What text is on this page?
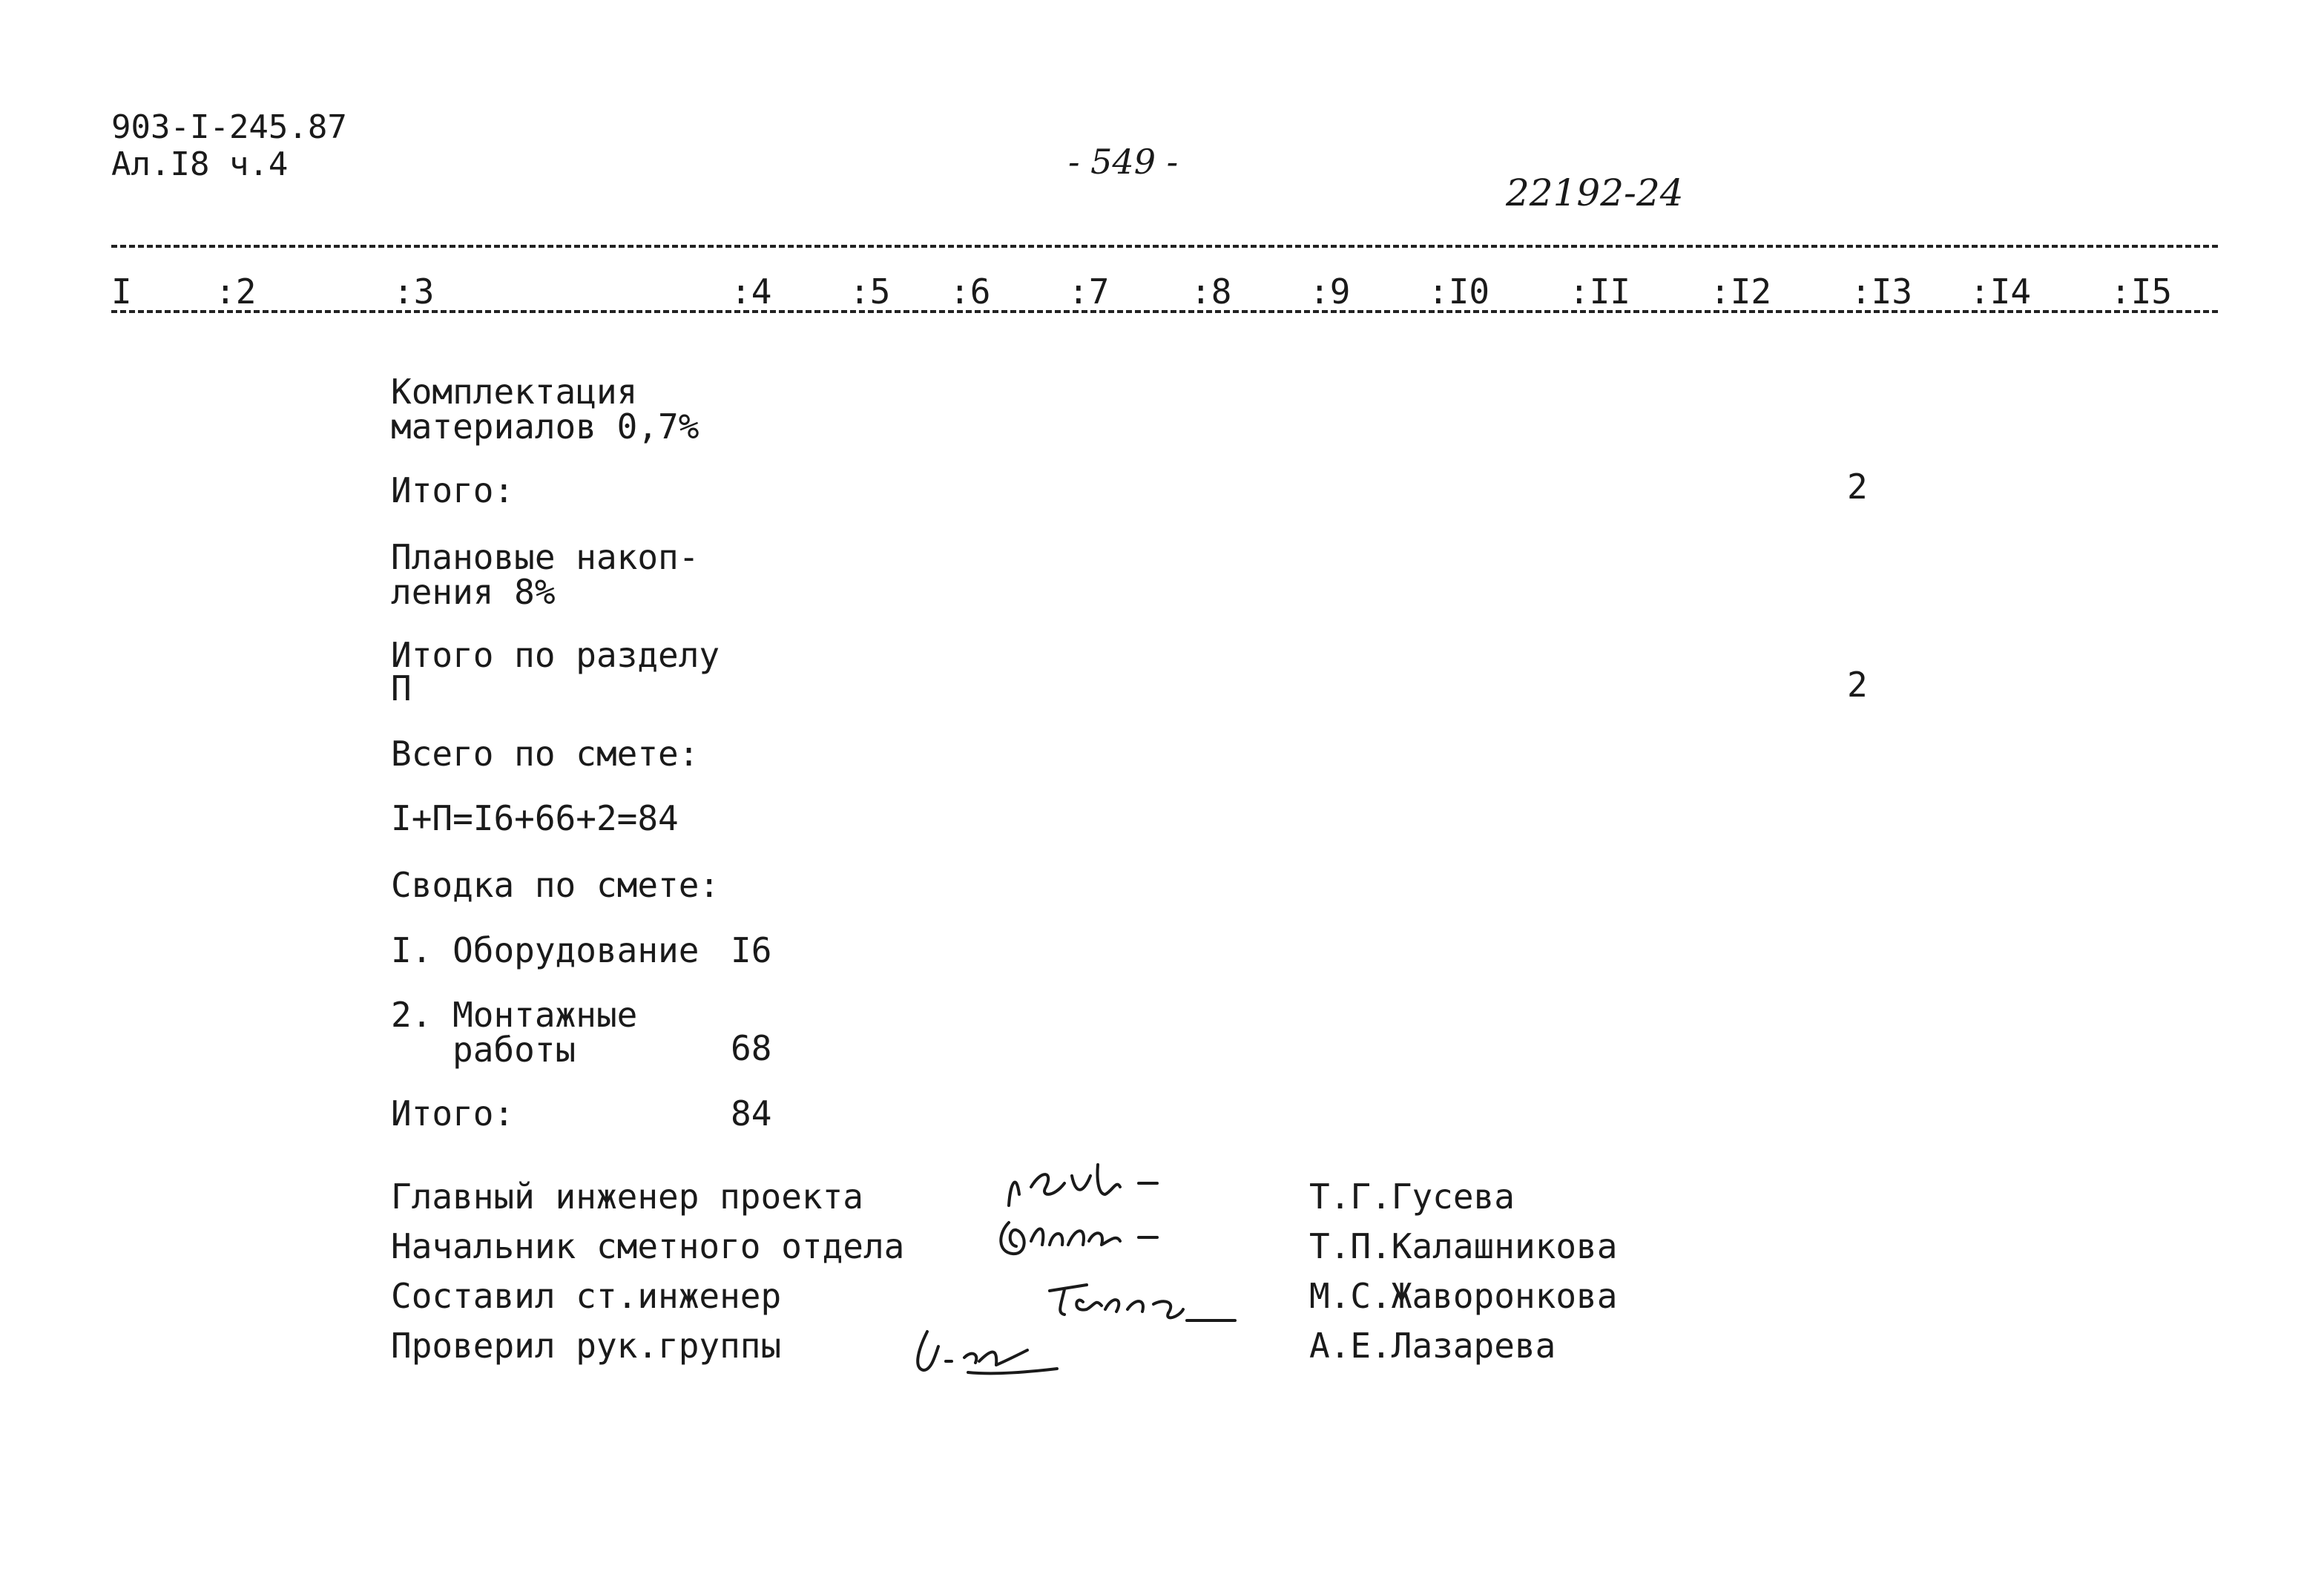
903-I-245.87
Ал.I8 ч.4	- 549 -
22192-24
I :2	:3	:4 :5 :6 :7 :8 :9 :I0 :II :I2 :I3 :I4 :I5
Комплектация
материалов 0,7%
Итого:	2
Плановые накоп-
ления 8%
Итого по разделу
П	2
Всего по смете:
I+П=I6+66+2=84
Сводка по смете:
I. Оборудование I6
2. Монтажные
работы	68
Итого:	84
Главный инженер проекта	Т.Г.Гусева
Начальник сметного отдела	Т.П.Калашникова
Составил ст.инженер	М.С.Жаворонкова
Проверил рук.группы	А.Е.Лазарева
